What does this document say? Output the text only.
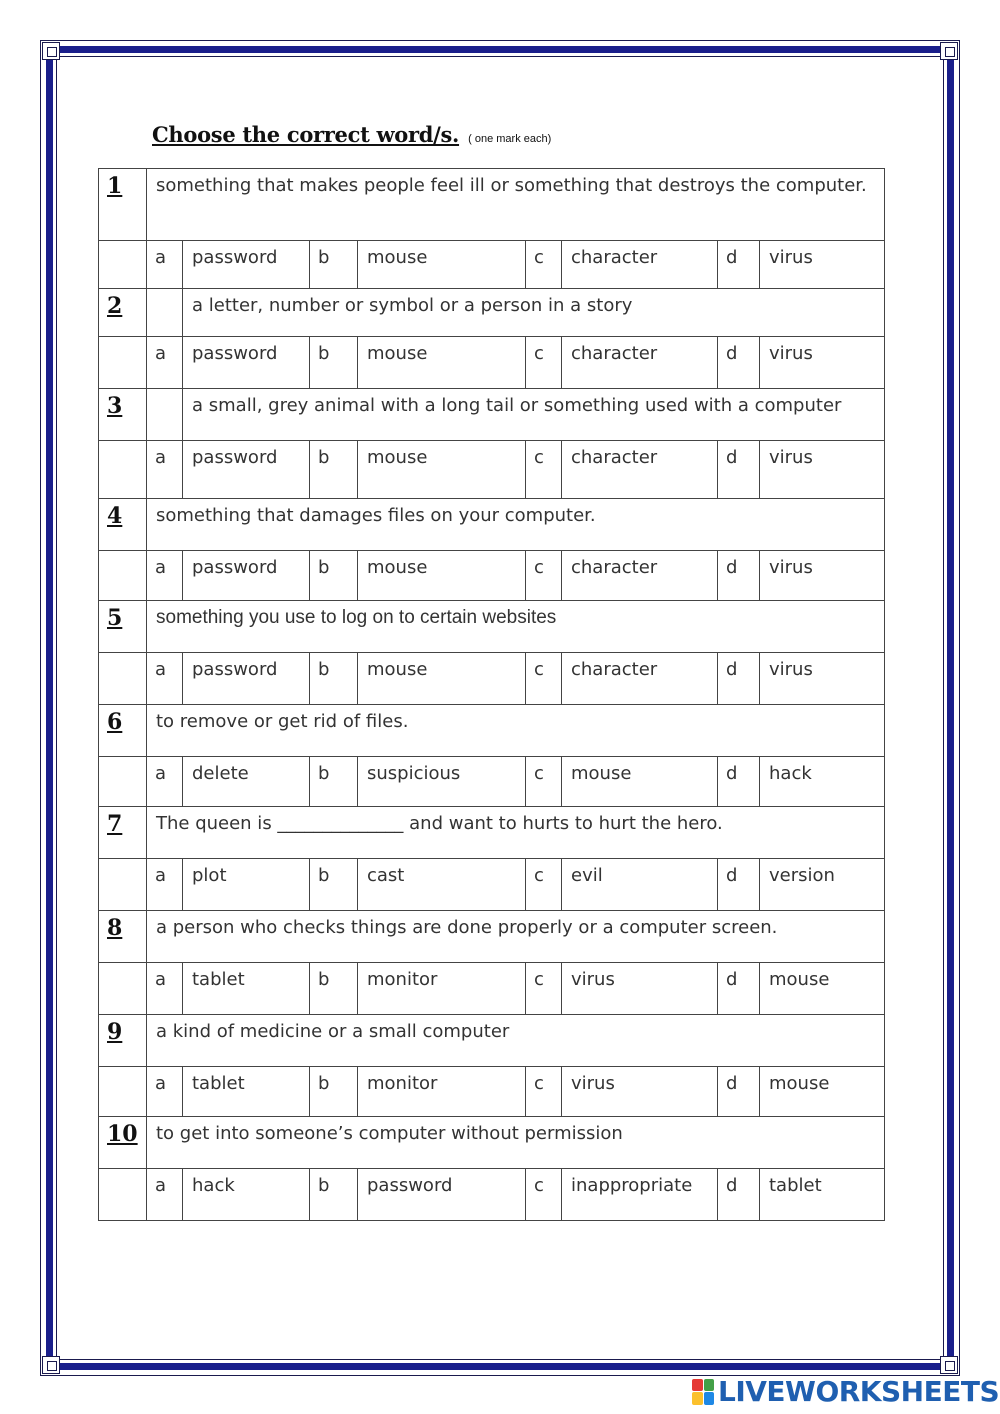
Choose the correct word/s. ( one mark each)
1	something that makes people feel ill or something that destroys the computer.							
	a	password	b	mouse	c	character	d	virus
2		a letter, number or symbol or a person in a story						
	a	password	b	mouse	c	character	d	virus
3		a small, grey animal with a long tail or something used with a computer						
	a	password	b	mouse	c	character	d	virus
4	something that damages files on your computer.							
	a	password	b	mouse	c	character	d	virus
5	something you use to log on to certain websites							
	a	password	b	mouse	c	character	d	virus
6	to remove or get rid of files.							
	a	delete	b	suspicious	c	mouse	d	hack
7	The queen is ______________ and want to hurts to hurt the hero.							
	a	plot	b	cast	c	evil	d	version
8	a person who checks things are done properly or a computer screen.							
	a	tablet	b	monitor	c	virus	d	mouse
9	a kind of medicine or a small computer							
	a	tablet	b	monitor	c	virus	d	mouse
10	to get into someone’s computer without permission							
	a	hack	b	password	c	inappropriate	d	tablet
LIVEWORKSHEETS
